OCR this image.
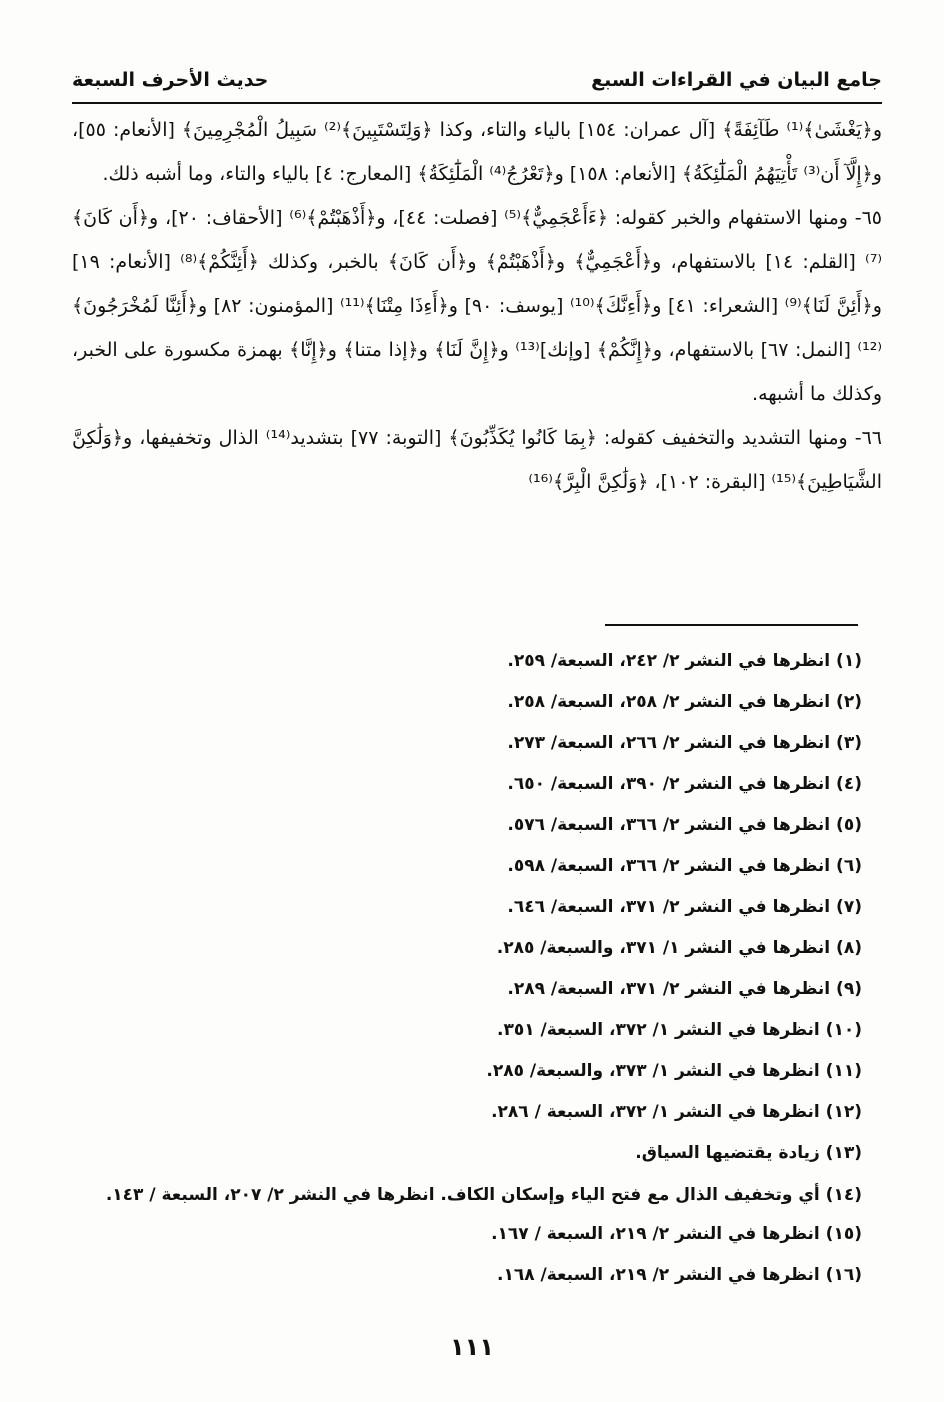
جامع البيان في القراءات السبع
حديث الأحرف السبعة

و﴿يَغْشَىٰ﴾⁽¹⁾ طَآئِفَةً﴾ [آل عمران: ١٥٤] بالياء والتاء، وكذا ﴿وَلِتَسْتَبِينَ﴾⁽²⁾ سَبِيلُ الْمُجْرِمِينَ﴾ [الأنعام: ٥٥]، و﴿إِلَّآ أَن⁽³⁾ تَأْتِيَهُمُ الْمَلَٰٓئِكَةُ﴾ [الأنعام: ١٥٨] و﴿تَعْرُجُ⁽⁴⁾ الْمَلَٰٓئِكَةُ﴾ [المعارج: ٤] بالياء والتاء، وما أشبه ذلك.

٦٥- ومنها الاستفهام والخبر كقوله: ﴿ءَأَعْجَمِيٌّ﴾⁽⁵⁾ [فصلت: ٤٤]، و﴿أَذْهَبْتُمْ﴾⁽⁶⁾ [الأحقاف: ٢٠]، و﴿أَن كَانَ﴾⁽⁷⁾ [القلم: ١٤] بالاستفهام، و﴿أَعْجَمِيٌّ﴾ و﴿أَذْهَبْتُمْ﴾ و﴿أَن كَانَ﴾ بالخبر، وكذلك ﴿أَئِنَّكُمْ﴾⁽⁸⁾ [الأنعام: ١٩] و﴿أَئِنَّ لَنَا﴾⁽⁹⁾ [الشعراء: ٤١] و﴿أَءِنَّكَ﴾⁽¹⁰⁾ [يوسف: ٩٠] و﴿أَءِذَا مِتْنَا﴾⁽¹¹⁾ [المؤمنون: ٨٢] و﴿أَئِنَّا لَمُخْرَجُونَ﴾⁽¹²⁾ [النمل: ٦٧] بالاستفهام، و﴿إِنَّكُمْ﴾ [وإنك]⁽¹³⁾ و﴿إِنَّ لَنَا﴾ و﴿إذا متنا﴾ و﴿إِنَّا﴾ بهمزة مكسورة على الخبر، وكذلك ما أشبهه.

٦٦- ومنها التشديد والتخفيف كقوله: ﴿بِمَا كَانُوا يُكَذِّبُونَ﴾ [التوبة: ٧٧] بتشديد⁽¹⁴⁾ الذال وتخفيفها، و﴿وَلَٰكِنَّ الشَّيَاطِينَ﴾⁽¹⁵⁾ [البقرة: ١٠٢]، ﴿وَلَٰكِنَّ الْبِرَّ﴾⁽¹⁶⁾

(١) انظرها في النشر ٢/ ٢٤٢، السبعة/ ٢٥٩.
(٢) انظرها في النشر ٢/ ٢٥٨، السبعة/ ٢٥٨.
(٣) انظرها في النشر ٢/ ٢٦٦، السبعة/ ٢٧٣.
(٤) انظرها في النشر ٢/ ٣٩٠، السبعة/ ٦٥٠.
(٥) انظرها في النشر ٢/ ٣٦٦، السبعة/ ٥٧٦.
(٦) انظرها في النشر ٢/ ٣٦٦، السبعة/ ٥٩٨.
(٧) انظرها في النشر ٢/ ٣٧١، السبعة/ ٦٤٦.
(٨) انظرها في النشر ١/ ٣٧١، والسبعة/ ٢٨٥.
(٩) انظرها في النشر ٢/ ٣٧١، السبعة/ ٢٨٩.
(١٠) انظرها في النشر ١/ ٣٧٢، السبعة/ ٣٥١.
(١١) انظرها في النشر ١/ ٣٧٣، والسبعة/ ٢٨٥.
(١٢) انظرها في النشر ١/ ٣٧٢، السبعة / ٢٨٦.
(١٣) زيادة يقتضيها السياق.
(١٤) أي وتخفيف الذال مع فتح الياء وإسكان الكاف. انظرها في النشر ٢/ ٢٠٧، السبعة / ١٤٣.
(١٥) انظرها في النشر ٢/ ٢١٩، السبعة / ١٦٧.
(١٦) انظرها في النشر ٢/ ٢١٩، السبعة/ ١٦٨.
١١١
